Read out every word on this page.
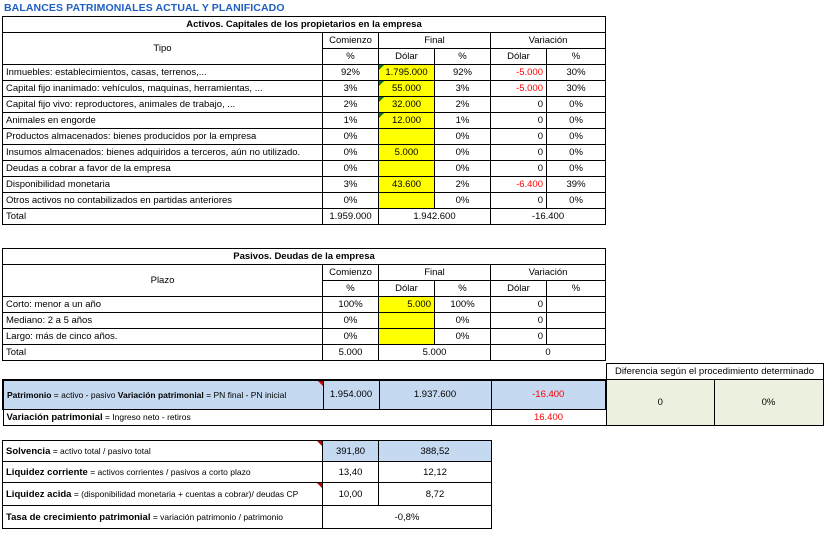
BALANCES PATRIMONIALES ACTUAL Y PLANIFICADO
Activos. Capitales de los propietarios en la empresa					
Tipo	Comienzo	Final		Variación	
	%	Dólar	%	Dólar	%
Inmuebles: establecimientos, casas, terrenos,...	92%	1.795.000	92%	-5.000	30%
Capital fijo inanimado: vehículos, maquinas, herramientas, ...	3%	55.000	3%	-5.000	30%
Capital fijo vivo: reproductores, animales de trabajo, ...	2%	32.000	2%	0	0%
Animales en engorde	1%	12.000	1%	0	0%
Productos almacenados: bienes producidos por la empresa	0%		0%	0	0%
Insumos almacenados: bienes adquiridos a terceros, aún no utilizado.	0%	5.000	0%	0	0%
Deudas a cobrar a favor de la empresa	0%		0%	0	0%
Disponibilidad monetaria	3%	43.600	2%	-6.400	39%
Otros activos no contabilizados en partidas anteriores	0%		0%	0	0%
Total	1.959.000	1.942.600		-16.400	
Pasivos. Deudas de la empresa					
Plazo	Comienzo	Final		Variación	
	%	Dólar	%	Dólar	%
Corto: menor a un año	100%	5.000	100%	0	
Mediano: 2 a 5 años	0%		0%	0	
Largo: más de cinco años.	0%		0%	0	
Total	5.000	5.000		0	
				Diferencia según el procedimiento determinado	
Patrimonio = activo - pasivo Variación patrimonial = PN final - PN inicial	1.954.000	1.937.600	-16.400	0	0%
Variación patrimonial = Ingreso neto - retiros			16.400		
Solvencia = activo total / pasivo total	391,80	388,52
Liquidez corriente = activos corrientes / pasivos a corto plazo	13,40	12,12
Liquidez acida = (disponibilidad monetaria + cuentas a cobrar)/ deudas CP	10,00	8,72
Tasa de crecimiento patrimonial = variación patrimonio / patrimonio	-0,8%	
